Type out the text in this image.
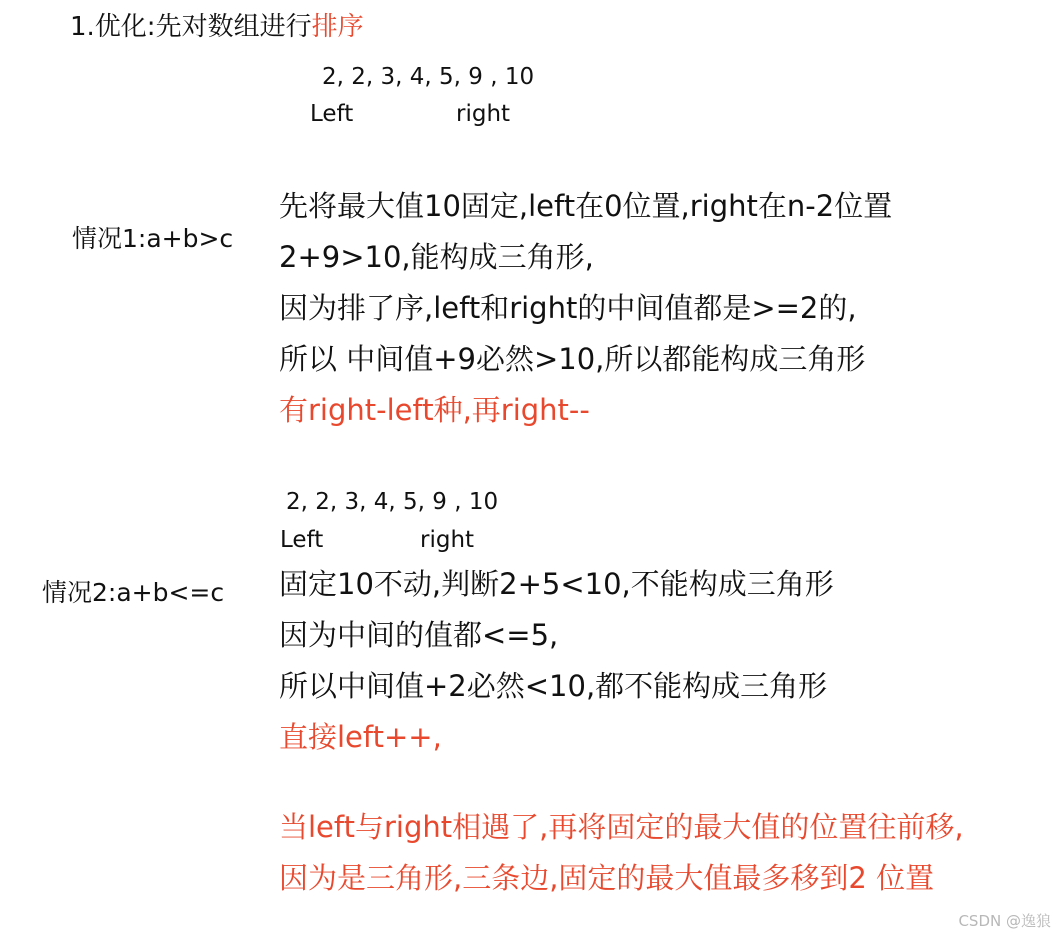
1.优化:先对数组进行排序
2, 2, 3, 4, 5, 9 , 10
Left	right
情况1:a+b>c
先将最大值10固定,left在0位置,right在n-2位置
2+9>10,能构成三角形,
因为排了序,left和right的中间值都是>=2的,
所以 中间值+9必然>10,所以都能构成三角形
有right-left种,再right--
2, 2, 3, 4, 5, 9 , 10
Left	right
情况2:a+b<=c 固定10不动,判断2+5<10,不能构成三角形
因为中间的值都<=5,
所以中间值+2必然<10,都不能构成三角形
直接left++,
当left与right相遇了,再将固定的最大值的位置往前移,
因为是三角形,三条边,固定的最大值最多移到2 位置
CSDN @逸狼
